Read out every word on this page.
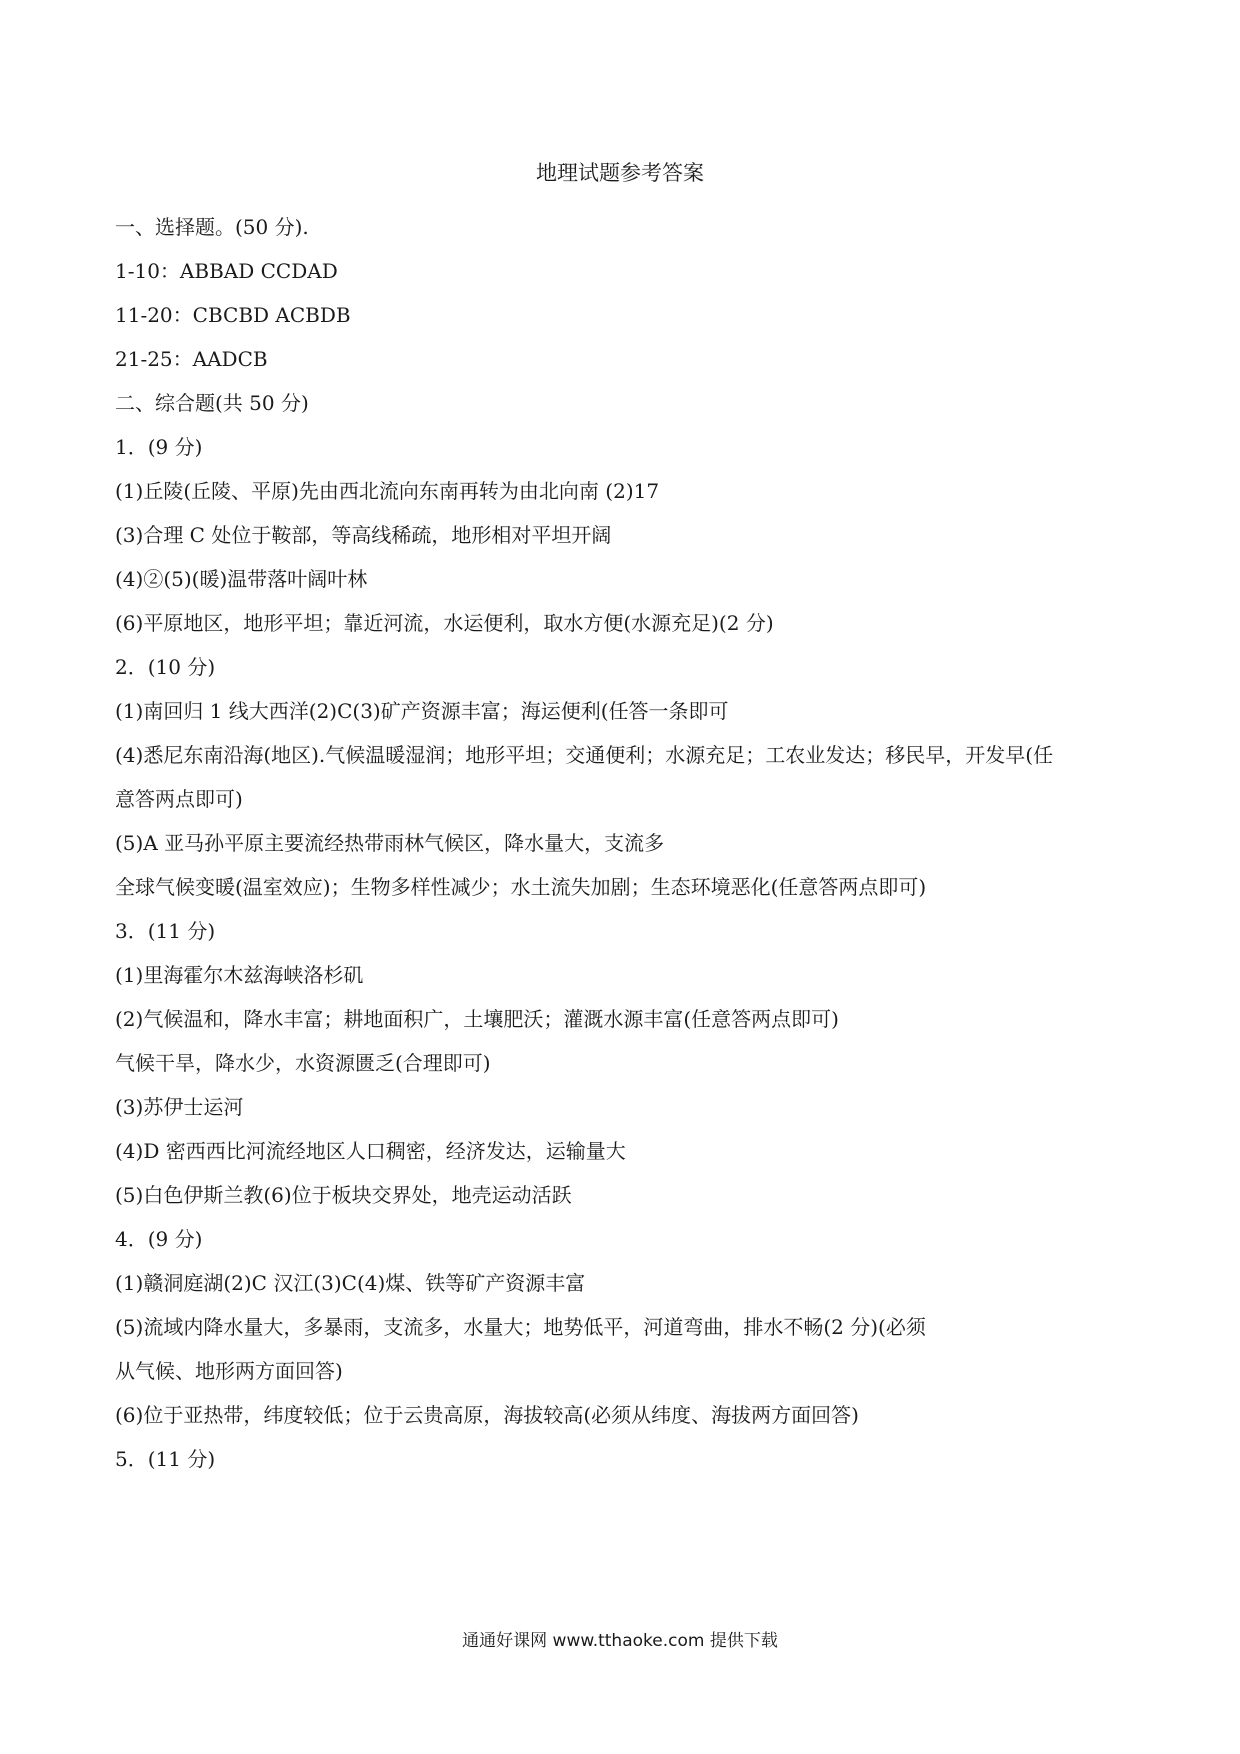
地理试题参考答案
一、选择题。(50 分).
1-10：ABBAD CCDAD
11-20：CBCBD ACBDB
21-25：AADCB
二、综合题(共 50 分)
1．(9 分)
(1)丘陵(丘陵、平原)先由西北流向东南再转为由北向南 (2)17
(3)合理 C 处位于鞍部，等高线稀疏，地形相对平坦开阔
(4)②(5)(暖)温带落叶阔叶林
(6)平原地区，地形平坦；靠近河流，水运便利，取水方便(水源充足)(2 分)
2．(10 分)
(1)南回归 1 线大西洋(2)C(3)矿产资源丰富；海运便利(任答一条即可
(4)悉尼东南沿海(地区).气候温暖湿润；地形平坦；交通便利；水源充足；工农业发达；移民早，开发早(任
意答两点即可)
(5)A 亚马孙平原主要流经热带雨林气候区，降水量大，支流多
全球气候变暖(温室效应)；生物多样性减少；水土流失加剧；生态环境恶化(任意答两点即可)
3．(11 分)
(1)里海霍尔木兹海峡洛杉矶
(2)气候温和，降水丰富；耕地面积广，土壤肥沃；灌溉水源丰富(任意答两点即可)
气候干旱，降水少，水资源匮乏(合理即可)
(3)苏伊士运河
(4)D 密西西比河流经地区人口稠密，经济发达，运输量大
(5)白色伊斯兰教(6)位于板块交界处，地壳运动活跃
4．(9 分)
(1)赣洞庭湖(2)C 汉江(3)C(4)煤、铁等矿产资源丰富
(5)流域内降水量大，多暴雨，支流多，水量大；地势低平，河道弯曲，排水不畅(2 分)(必须
从气候、地形两方面回答)
(6)位于亚热带，纬度较低；位于云贵高原，海拔较高(必须从纬度、海拔两方面回答)
5．(11 分)
通通好课网 www.tthaoke.com 提供下载
